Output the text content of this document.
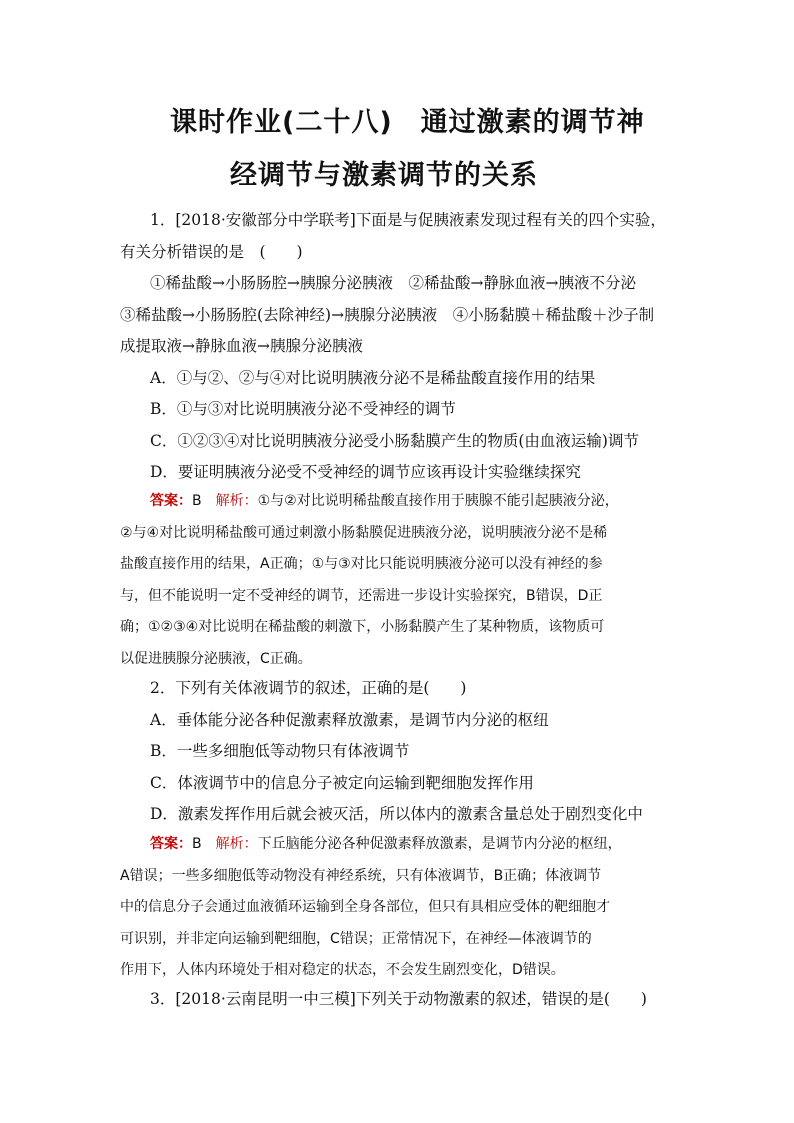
课时作业(二十八)　通过激素的调节神
经调节与激素调节的关系
1．[2018·安徽部分中学联考]下面是与促胰液素发现过程有关的四个实验，
有关分析错误的是　(　　)
①稀盐酸→小肠肠腔→胰腺分泌胰液　②稀盐酸→静脉血液→胰液不分泌
③稀盐酸→小肠肠腔(去除神经)→胰腺分泌胰液　④小肠黏膜＋稀盐酸＋沙子制
成提取液→静脉血液→胰腺分泌胰液
A．①与②、②与④对比说明胰液分泌不是稀盐酸直接作用的结果
B．①与③对比说明胰液分泌不受神经的调节
C．①②③④对比说明胰液分泌受小肠黏膜产生的物质(由血液运输)调节
D．要证明胰液分泌受不受神经的调节应该再设计实验继续探究
答案：B　解析：①与②对比说明稀盐酸直接作用于胰腺不能引起胰液分泌，
②与④对比说明稀盐酸可通过刺激小肠黏膜促进胰液分泌，说明胰液分泌不是稀
盐酸直接作用的结果，A正确；①与③对比只能说明胰液分泌可以没有神经的参
与，但不能说明一定不受神经的调节，还需进一步设计实验探究，B错误，D正
确；①②③④对比说明在稀盐酸的刺激下，小肠黏膜产生了某种物质，该物质可
以促进胰腺分泌胰液，C正确。
2．下列有关体液调节的叙述，正确的是(　　)
A．垂体能分泌各种促激素释放激素，是调节内分泌的枢纽
B．一些多细胞低等动物只有体液调节
C．体液调节中的信息分子被定向运输到靶细胞发挥作用
D．激素发挥作用后就会被灭活，所以体内的激素含量总处于剧烈变化中
答案：B　解析：下丘脑能分泌各种促激素释放激素，是调节内分泌的枢纽，
A错误；一些多细胞低等动物没有神经系统，只有体液调节，B正确；体液调节
中的信息分子会通过血液循环运输到全身各部位，但只有具相应受体的靶细胞才
可识别，并非定向运输到靶细胞，C错误；正常情况下，在神经—体液调节的
作用下，人体内环境处于相对稳定的状态，不会发生剧烈变化，D错误。
3．[2018·云南昆明一中三模]下列关于动物激素的叙述，错误的是(　　)
